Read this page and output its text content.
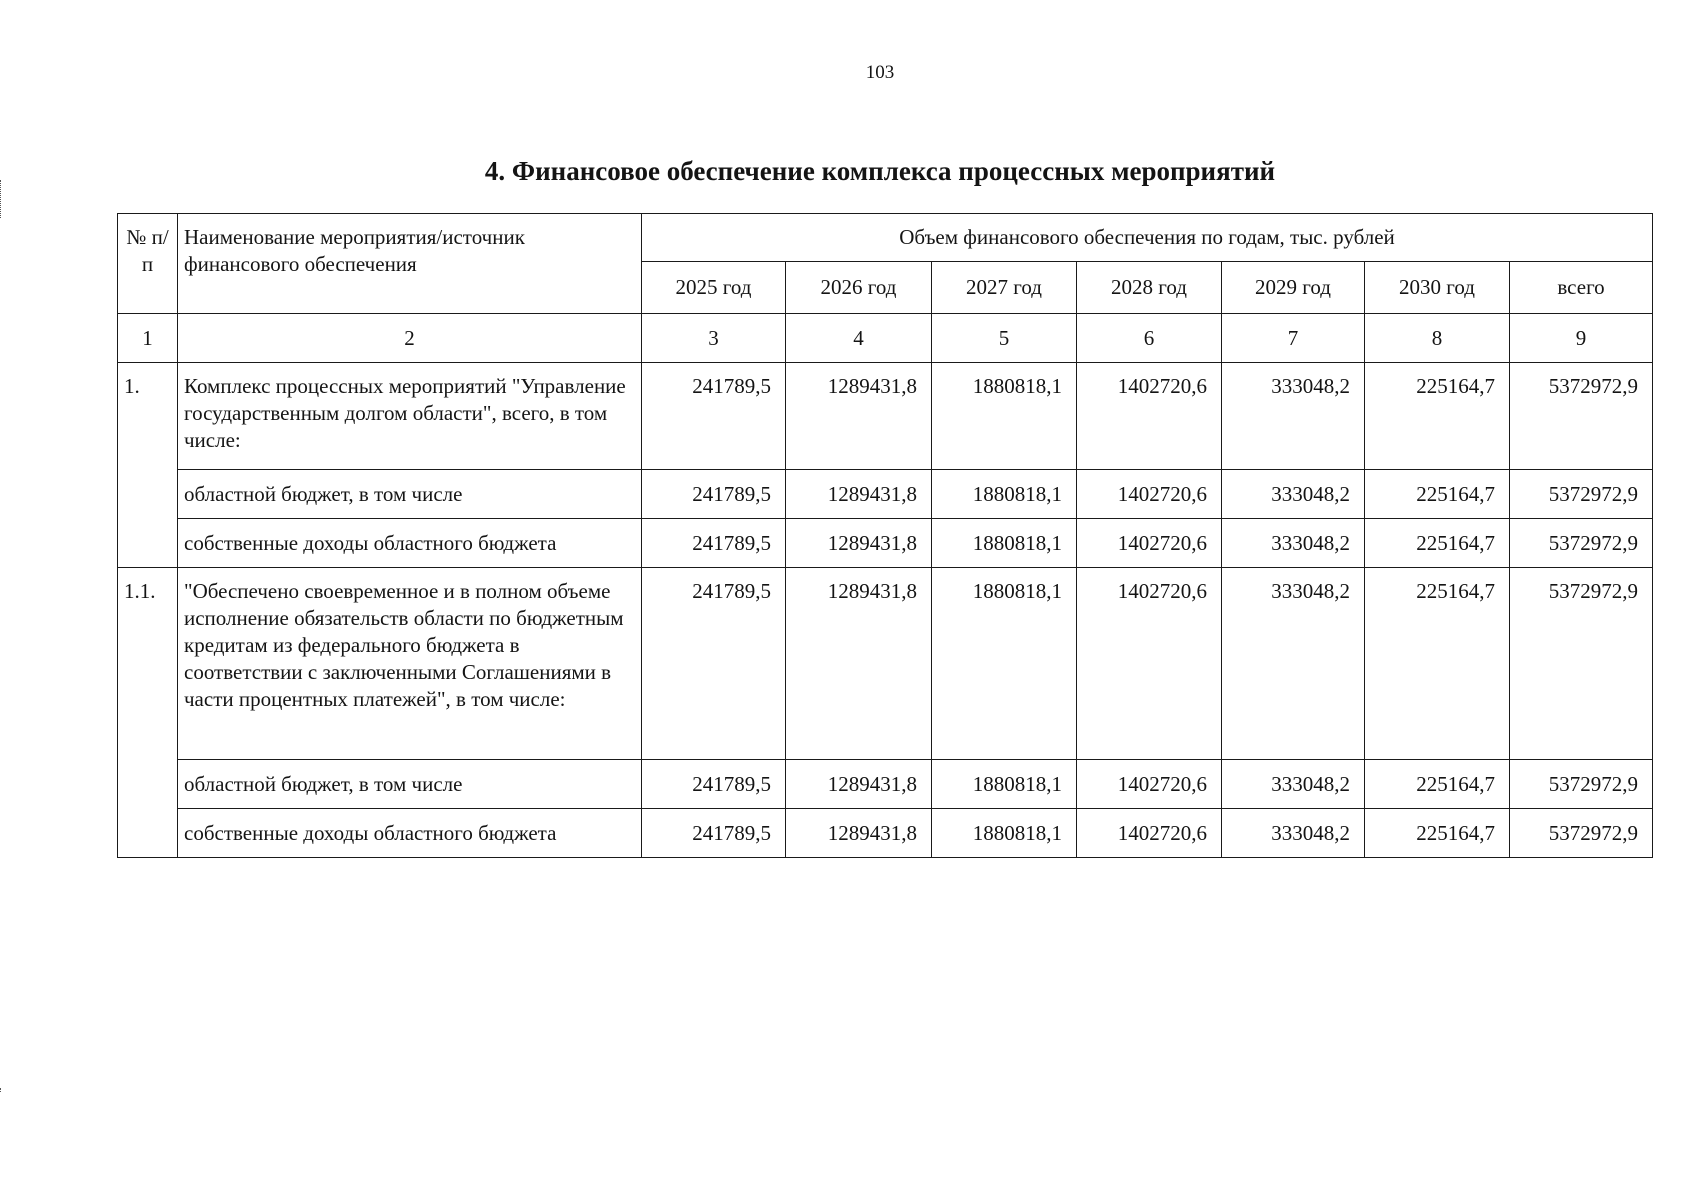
103
4. Финансовое обеспечение комплекса процессных мероприятий
№ п/п	Наименование мероприятия/источник финансового обеспечения	Объем финансового обеспечения по годам, тыс. рублей						
		2025 год	2026 год	2027 год	2028 год	2029 год	2030 год	всего
1	2	3	4	5	6	7	8	9
1.	Комплекс процессных мероприятий "Управление государственным долгом области", всего, в том числе:	241789,5	1289431,8	1880818,1	1402720,6	333048,2	225164,7	5372972,9
	областной бюджет, в том числе	241789,5	1289431,8	1880818,1	1402720,6	333048,2	225164,7	5372972,9
	собственные доходы областного бюджета	241789,5	1289431,8	1880818,1	1402720,6	333048,2	225164,7	5372972,9
1.1.	"Обеспечено своевременное и в полном объеме исполнение обязательств области по бюджетным кредитам из федерального бюджета в соответствии с заключенными Соглашениями в части процентных платежей", в том числе:	241789,5	1289431,8	1880818,1	1402720,6	333048,2	225164,7	5372972,9
	областной бюджет, в том числе	241789,5	1289431,8	1880818,1	1402720,6	333048,2	225164,7	5372972,9
	собственные доходы областного бюджета	241789,5	1289431,8	1880818,1	1402720,6	333048,2	225164,7	5372972,9
